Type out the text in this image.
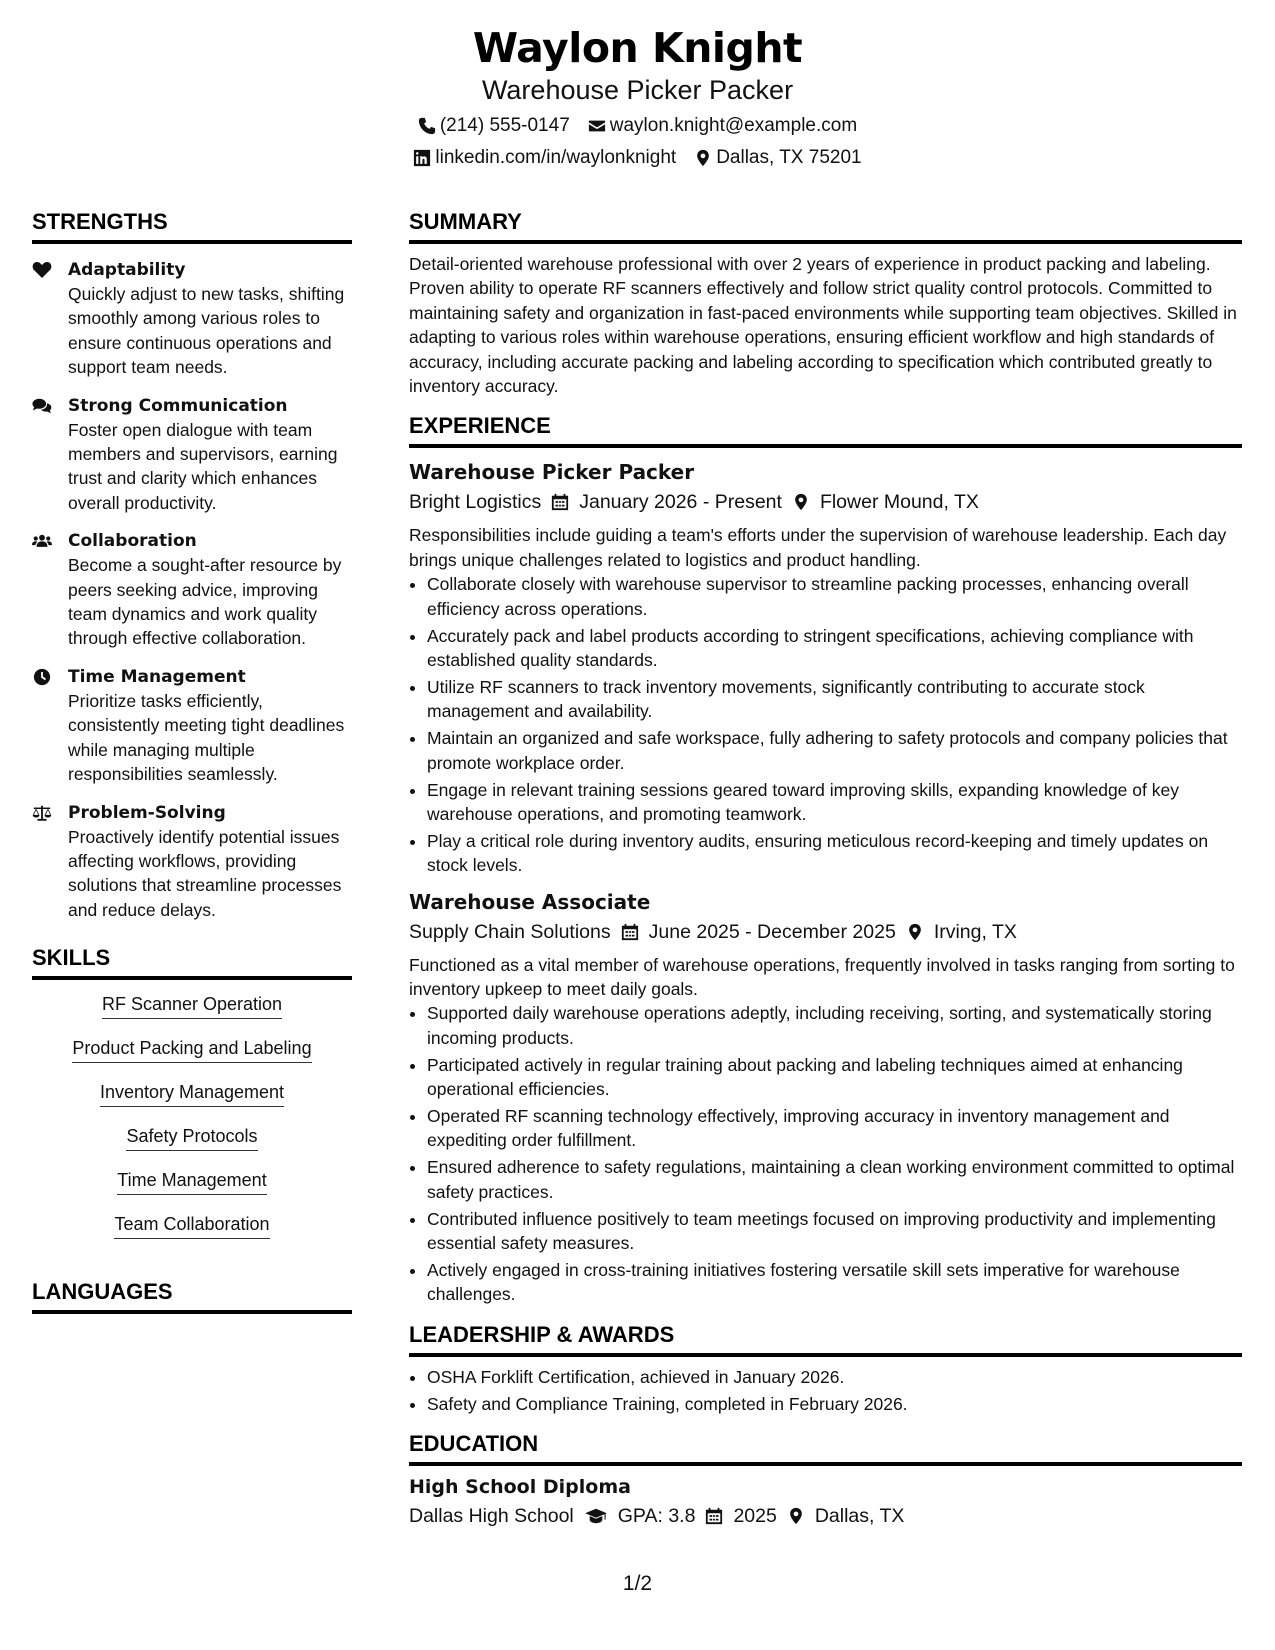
Waylon Knight
Warehouse Picker Packer
(214) 555-0147 waylon.knight@example.com
linkedin.com/in/waylonknight Dallas, TX 75201
STRENGTHS
Adaptability
Quickly adjust to new tasks, shifting smoothly among various roles to ensure continuous operations and support team needs.
Strong Communication
Foster open dialogue with team members and supervisors, earning trust and clarity which enhances overall productivity.
Collaboration
Become a sought-after resource by peers seeking advice, improving team dynamics and work quality through effective collaboration.
Time Management
Prioritize tasks efficiently, consistently meeting tight deadlines while managing multiple responsibilities seamlessly.
Problem-Solving
Proactively identify potential issues affecting workflows, providing solutions that streamline processes and reduce delays.
SKILLS
RF Scanner Operation
Product Packing and Labeling
Inventory Management
Safety Protocols
Time Management
Team Collaboration
LANGUAGES
SUMMARY
Detail-oriented warehouse professional with over 2 years of experience in product packing and labeling. Proven ability to operate RF scanners effectively and follow strict quality control protocols. Committed to maintaining safety and organization in fast-paced environments while supporting team objectives. Skilled in adapting to various roles within warehouse operations, ensuring efficient workflow and high standards of accuracy, including accurate packing and labeling according to specification which contributed greatly to inventory accuracy.
EXPERIENCE
Warehouse Picker Packer
Bright Logistics January 2026 - Present Flower Mound, TX
Responsibilities include guiding a team's efforts under the supervision of warehouse leadership. Each day brings unique challenges related to logistics and product handling.
• Collaborate closely with warehouse supervisor to streamline packing processes, enhancing overall efficiency across operations.
• Accurately pack and label products according to stringent specifications, achieving compliance with established quality standards.
• Utilize RF scanners to track inventory movements, significantly contributing to accurate stock management and availability.
• Maintain an organized and safe workspace, fully adhering to safety protocols and company policies that promote workplace order.
• Engage in relevant training sessions geared toward improving skills, expanding knowledge of key warehouse operations, and promoting teamwork.
• Play a critical role during inventory audits, ensuring meticulous record-keeping and timely updates on stock levels.
Warehouse Associate
Supply Chain Solutions June 2025 - December 2025 Irving, TX
Functioned as a vital member of warehouse operations, frequently involved in tasks ranging from sorting to inventory upkeep to meet daily goals.
• Supported daily warehouse operations adeptly, including receiving, sorting, and systematically storing incoming products.
• Participated actively in regular training about packing and labeling techniques aimed at enhancing operational efficiencies.
• Operated RF scanning technology effectively, improving accuracy in inventory management and expediting order fulfillment.
• Ensured adherence to safety regulations, maintaining a clean working environment committed to optimal safety practices.
• Contributed influence positively to team meetings focused on improving productivity and implementing essential safety measures.
• Actively engaged in cross-training initiatives fostering versatile skill sets imperative for warehouse challenges.
LEADERSHIP & AWARDS
• OSHA Forklift Certification, achieved in January 2026.
• Safety and Compliance Training, completed in February 2026.
EDUCATION
High School Diploma
Dallas High School GPA: 3.8 2025 Dallas, TX
1/2
